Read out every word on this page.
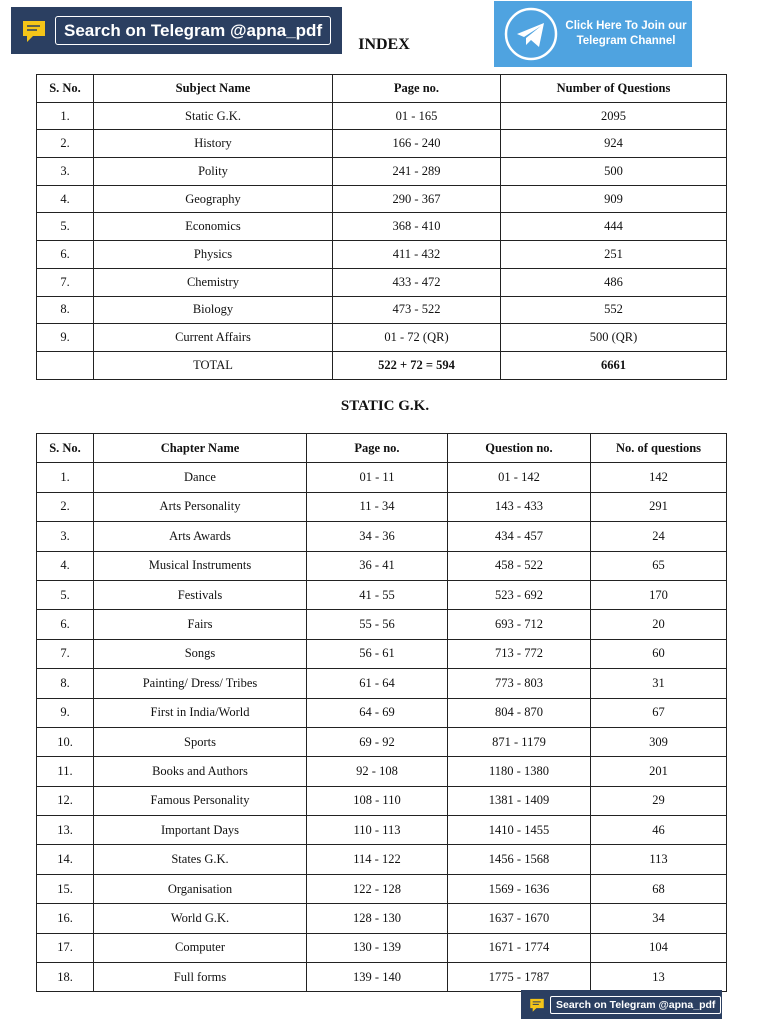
Search on Telegram @apna_pdf	Click Here To Join our
Telegram Channel
INDEX
S. No.	Subject Name	Page no.	Number of Questions
1.	Static G.K.	01 - 165	2095
2.	History	166 - 240	924
3.	Polity	241 - 289	500
4.	Geography	290 - 367	909
5.	Economics	368 - 410	444
6.	Physics	411 - 432	251
7.	Chemistry	433 - 472	486
8.	Biology	473 - 522	552
9.	Current Affairs	01 - 72 (QR)	500 (QR)
	TOTAL	522 + 72 = 594	6661
STATIC G.K.
S. No.	Chapter Name	Page no.	Question no.	No. of questions
1.	Dance	01 - 11	01 - 142	142
2.	Arts Personality	11 - 34	143 - 433	291
3.	Arts Awards	34 - 36	434 - 457	24
4.	Musical Instruments	36 - 41	458 - 522	65
5.	Festivals	41 - 55	523 - 692	170
6.	Fairs	55 - 56	693 - 712	20
7.	Songs	56 - 61	713 - 772	60
8.	Painting/ Dress/ Tribes	61 - 64	773 - 803	31
9.	First in India/World	64 - 69	804 - 870	67
10.	Sports	69 - 92	871 - 1179	309
11.	Books and Authors	92 - 108	1180 - 1380	201
12.	Famous Personality	108 - 110	1381 - 1409	29
13.	Important Days	110 - 113	1410 - 1455	46
14.	States G.K.	114 - 122	1456 - 1568	113
15.	Organisation	122 - 128	1569 - 1636	68
16.	World G.K.	128 - 130	1637 - 1670	34
17.	Computer	130 - 139	1671 - 1774	104
18.	Full forms	139 - 140	1775 - 1787	13
Search on Telegram @apna_pdf
